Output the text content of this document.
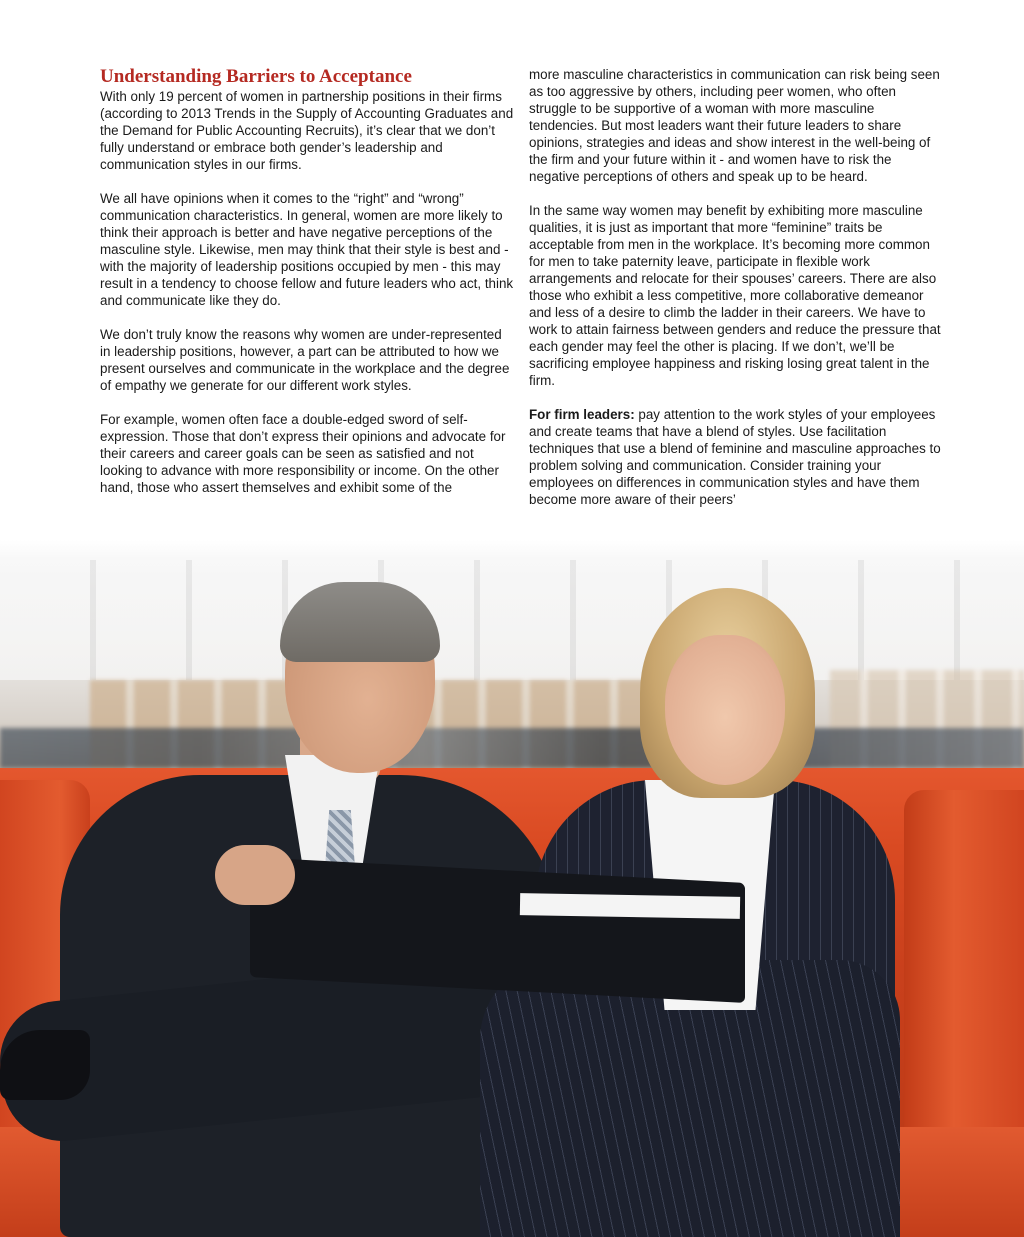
Understanding Barriers to Acceptance

With only 19 percent of women in partnership positions in their firms (according to 2013 Trends in the Supply of Accounting Graduates and the Demand for Public Accounting Recruits), it’s clear that we don’t fully understand or embrace both gender’s leadership and communication styles in our firms.

We all have opinions when it comes to the “right” and “wrong” communication characteristics. In general, women are more likely to think their approach is better and have negative perceptions of the masculine style. Likewise, men may think that their style is best and - with the majority of leadership positions occupied by men - this may result in a tendency to choose fellow and future leaders who act, think and communicate like they do.

We don’t truly know the reasons why women are under-represented in leadership positions, however, a part can be attributed to how we present ourselves and communicate in the workplace and the degree of empathy we generate for our different work styles.

For example, women often face a double-edged sword of self-expression. Those that don’t express their opinions and advocate for their careers and career goals can be seen as satisfied and not looking to advance with more responsibility or income. On the other hand, those who assert themselves and exhibit some of the

more masculine characteristics in communication can risk being seen as too aggressive by others, including peer women, who often struggle to be supportive of a woman with more masculine tendencies. But most leaders want their future leaders to share opinions, strategies and ideas and show interest in the well-being of the firm and your future within it - and women have to risk the negative perceptions of others and speak up to be heard.

In the same way women may benefit by exhibiting more masculine qualities, it is just as important that more “feminine” traits be acceptable from men in the workplace. It’s becoming more common for men to take paternity leave, participate in flexible work arrangements and relocate for their spouses’ careers. There are also those who exhibit a less competitive, more collaborative demeanor and less of a desire to climb the ladder in their careers. We have to work to attain fairness between genders and reduce the pressure that each gender may feel the other is placing. If we don’t, we’ll be sacrificing employee happiness and risking losing great talent in the firm.

For firm leaders: pay attention to the work styles of your employees and create teams that have a blend of styles. Use facilitation techniques that use a blend of feminine and masculine approaches to problem solving and communication. Consider training your employees on differences in communication styles and have them become more aware of their peers’
